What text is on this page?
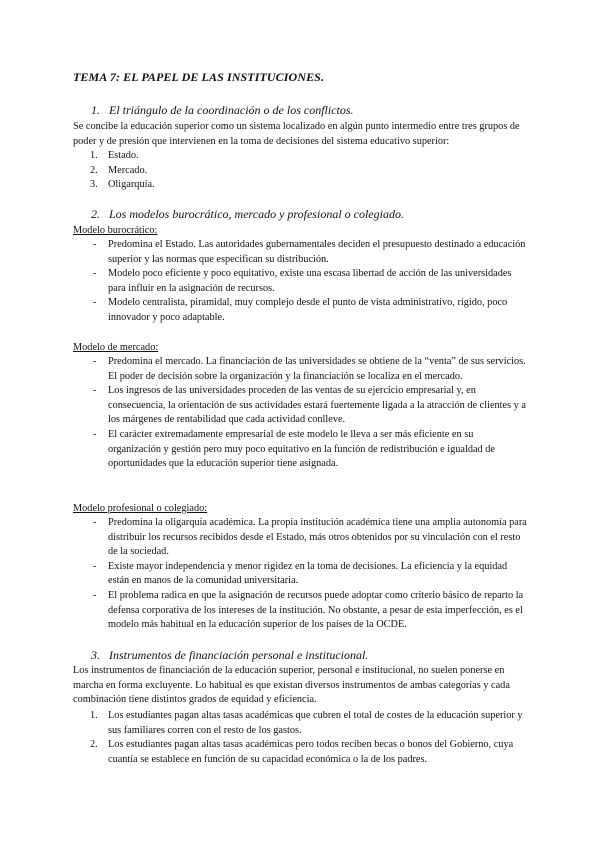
TEMA 7: EL PAPEL DE LAS INSTITUCIONES.
1. El triángulo de la coordinación o de los conflictos.
Se concibe la educación superior como un sistema localizado en algún punto intermedio entre tres grupos de poder y de presión que intervienen en la toma de decisiones del sistema educativo superior:
1. Estado.
2. Mercado.
3. Oligarquía.
2. Los modelos burocrático, mercado y profesional o colegiado.
Modelo burocrático:
- Predomina el Estado. Las autoridades gubernamentales deciden el presupuesto destinado a educación superior y las normas que especifican su distribución.
- Modelo poco eficiente y poco equitativo, existe una escasa libertad de acción de las universidades para influir en la asignación de recursos.
- Modelo centralista, piramidal, muy complejo desde el punto de vista administrativo, rígido, poco innovador y poco adaptable.
Modelo de mercado:
- Predomina el mercado. La financiación de las universidades se obtiene de la “venta” de sus servicios. El poder de decisión sobre la organización y la financiación se localiza en el mercado.
- Los ingresos de las universidades proceden de las ventas de su ejercicio empresarial y, en consecuencia, la orientación de sus actividades estará fuertemente ligada a la atracción de clientes y a los márgenes de rentabilidad que cada actividad conlleve.
- El carácter extremadamente empresarial de este modelo le lleva a ser más eficiente en su organización y gestión pero muy poco equitativo en la función de redistribución e igualdad de oportunidades que la educación superior tiene asignada.
Modelo profesional o colegiado:
- Predomina la oligarquía académica. La propia institución académica tiene una amplia autonomía para distribuir los recursos recibidos desde el Estado, más otros obtenidos por su vinculación con el resto de la sociedad.
- Existe mayor independencia y menor rigidez en la toma de decisiones. La eficiencia y la equidad están en manos de la comunidad universitaria.
- El problema radica en que la asignación de recursos puede adoptar como criterio básico de reparto la defensa corporativa de los intereses de la institución. No obstante, a pesar de esta imperfección, es el modelo más habitual en la educación superior de los países de la OCDE.
3. Instrumentos de financiación personal e institucional.
Los instrumentos de financiación de la educación superior, personal e institucional, no suelen ponerse en marcha en forma excluyente. Lo habitual es que existan diversos instrumentos de ambas categorías y cada combinación tiene distintos grados de equidad y eficiencia.
1. Los estudiantes pagan altas tasas académicas que cubren el total de costes de la educación superior y sus familiares corren con el resto de los gastos.
2. Los estudiantes pagan altas tasas académicas pero todos reciben becas o bonos del Gobierno, cuya cuantía se establece en función de su capacidad económica o la de los padres.
